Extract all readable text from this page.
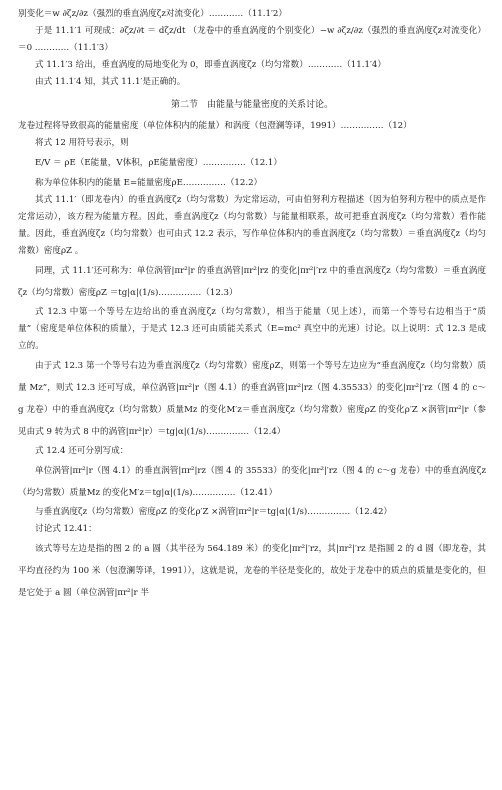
别变化＝w ∂ζz/∂z（强烈的垂直涡度ζz对流变化）…………（11.1′2）

于是 11.1′1 可现成：∂ζz/∂t ＝ dζz/dt （龙卷中的垂直涡度的个别变化）−w ∂ζz/∂z（强烈的垂直涡度ζz对流变化）＝0 …………（11.1′3）

式 11.1′3 给出，垂直涡度的局地变化为 0，即垂直涡度ζz（均匀常数）…………（11.1′4）

由式 11.1′4 知，其式 11.1′是正确的。

第二节　由能量与能量密度的关系讨论。

龙卷过程将导致很高的能量密度（单位体积内的能量）和涡度（包澄澜等译，1991）……………（12）

将式 12 用符号表示，则

E/V ＝ ρE（E能量，V体积，ρE能量密度）……………（12.1）

称为单位体积内的能量 E=能量密度ρE……………（12.2）

其式 11.1′（即龙卷内）的垂直涡度ζz（均匀常数）为定常运动，可由伯努利方程描述（因为伯努利方程中的质点是作定常运动），该方程为能量方程。因此，垂直涡度ζz（均匀常数）与能量相联系，故可把垂直涡度ζz（均匀常数）看作能量。因此，垂直涡度ζz（均匀常数）也可由式 12.2 表示，写作单位体积内的垂直涡度ζz（均匀常数）＝垂直涡度ζz（均匀常数）密度ρZ 。

同理，式 11.1′还可称为：单位涡管|πr²|r 的垂直涡管|πr²|rz 的变化|πr²|′rz 中的垂直涡度ζz（均匀常数）＝垂直涡度ζz（均匀常数）密度ρZ ＝tg|α|(1/s)……………（12.3）

式 12.3 中第一个等号左边给出的垂直涡度ζz（均匀常数），相当于能量（见上述），而第一个等号右边相当于“质量”（密度是单位体积的质量），于是式 12.3 还可由质能关系式（E=mc² 真空中的光速）讨论。以上说明：式 12.3 是成立的。

由于式 12.3 第一个等号右边为垂直涡度ζz（均匀常数）密度ρZ，则第一个等号左边应为“垂直涡度ζz（均匀常数）质量 Mz”，则式 12.3 还可写成，单位涡管|πr²|r（图 4.1）的垂直涡管|πr²|rz（图 4.35533）的变化|πr²|′rz（图 4 的 c～g 龙卷）中的垂直涡度ζz（均匀常数）质量Mz 的变化M′z＝垂直涡度ζz（均匀常数）密度ρZ 的变化ρ′Z ×涡管|πr²|r（参见由式 9 转为式 8 中的涡管|πr²|r）＝tg|α|(1/s)……………（12.4）

式 12.4 还可分别写成：

单位涡管|πr²|r（图 4.1）的垂直涡管|πr²|rz（图 4 的 35533）的变化|πr²|′rz（图 4 的 c～g 龙卷）中的垂直涡度ζz（均匀常数）质量Mz 的变化M′z＝tg|α|(1/s)……………（12.41）

与垂直涡度ζz（均匀常数）密度ρZ 的变化ρ′Z ×涡管|πr²|r＝tg|α|(1/s)……………（12.42）

讨论式 12.41：

该式等号左边是指的图 2 的 a 圆（其半径为 564.189 米）的变化|πr²|′rz，其|πr²|′rz 是指圆 2 的 d 圆（即龙卷，其平均直径约为 100 米（包澄澜等译，1991）），这就是说，龙卷的半径是变化的，故处于龙卷中的质点的质量是变化的，但是它处于 a 圆（单位涡管|πr²|r 半
